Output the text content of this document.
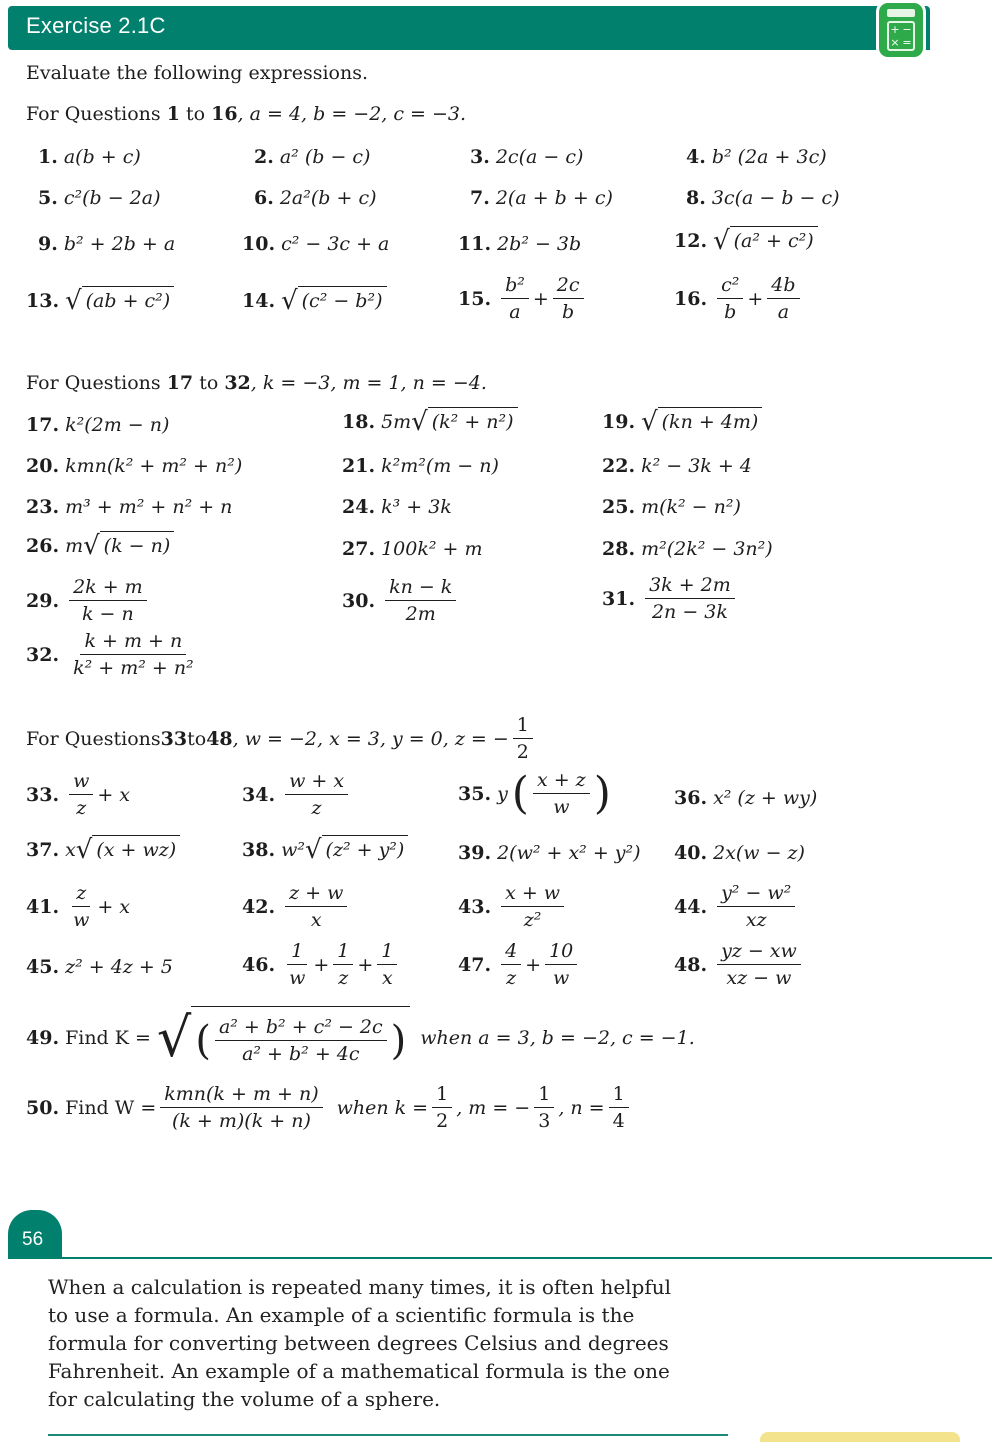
Exercise 2.1C	+ −
× =
Evaluate the following expressions.
For Questions 1 to 16, a = 4, b = −2, c = −3.
1. a(b + c)	2. a² (b − c)	3. 2c(a − c)	4. b² (2a + 3c)
5. c²(b − 2a)	6. 2a²(b + c)	7. 2(a + b + c)	8. 3c(a − b − c)
9. b² + 2b + a	10. c² − 3c + a	11. 2b² − 3b	12. √ (a² + c²)
13. √ (ab + c²)	14. √ (c² − b²)	15. $\frac{\text{b²}}{a} + \frac{2c}{b}$	16. $\frac{\text{c²}}{b} + \frac{4b}{a}$
For Questions 17 to 32, k = −3, m = 1, n = −4.
17. k²(2m − n)	18. 5m √ (k² + n²)	19. √ (kn + 4m)
20. kmn(k² + m² + n²)	21. k²m²(m − n)	22. k² − 3k + 4
23. m³ + m² + n² + n	24. k³ + 3k	25. m(k² − n²)
26. m √ (k − n)	27. 100k² + m	28. m²(2k² − 3n²)
29. $\frac{2k + m}{k - n}$	30. $\frac{kn - k}{2m}$	31. $\frac{3k + 2m}{2n - 3k}$
32. $\frac{k + m + n}{\text{k² + m² + n²}}$
For Questions 33 to 48 , w = −2, x = 3, y = 0, z = − $\frac{1}{2}$
33. $\frac{w}{z} + x$	34. $\frac{w + x}{z}$	35. y ( $\frac{x + z}{w}$ )	36. x² (z + wy)
37. x √ (x + wz)	38. w² √ (z² + y²)	39. 2(w² + x² + y²) 40. 2x(w − z)
41. $\frac{z}{w} + x$	42. $\frac{z + w}{x}$	43. $\frac{x + w}{\text{z²}}$	44. $\frac{\text{y² − w²}}{xz}$
45. z² + 4z + 5	46. $\frac{1}{w} + \frac{1}{z} + \frac{1}{x}$	47. $\frac{4}{z} + \frac{10}{w}$	48. $\frac{yz - xw}{xz - w}$
49. Find K = √ ( $\frac{\text{a² + b² + c² − 2c}}{\text{a² + b² + 4c}}$ ) when a = 3, b = −2, c = −1.
50. Find $W = \frac{\text{kmn(k + m + n)}}{(k + m)(k + n)}$ when $k = \frac{1}{2}$ , m = − $\frac{1}{3}$ , $n = \frac{1}{4}$
56
When a calculation is repeated many times, it is often helpful to use a formula. An example of a scientific formula is the formula for converting between degrees Celsius and degrees Fahrenheit. An example of a mathematical formula is the one for calculating the volume of a sphere.
